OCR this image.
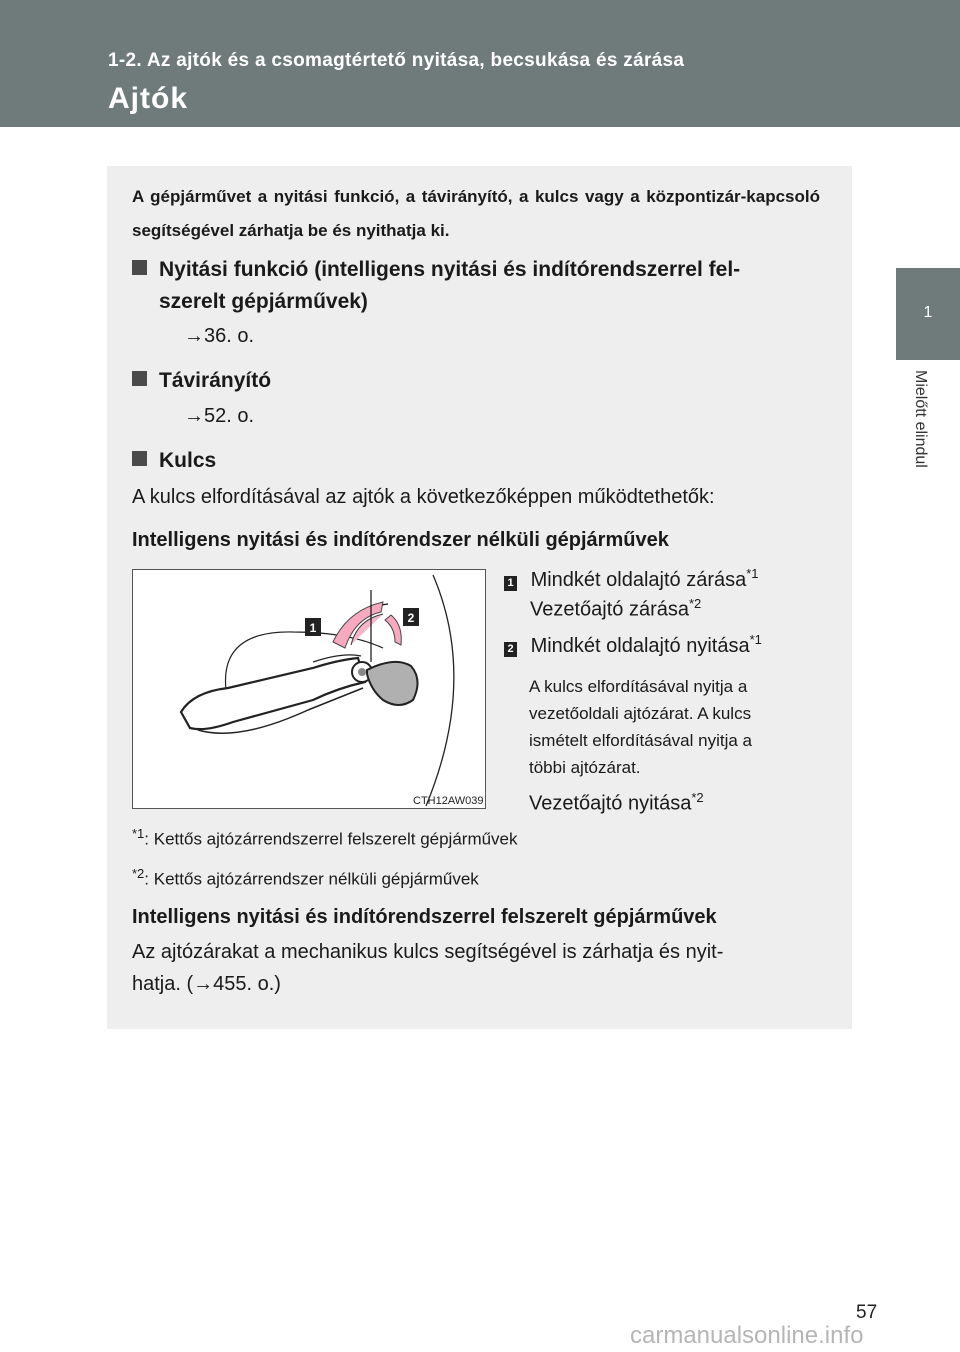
1-2. Az ajtók és a csomagtértető nyitása, becsukása és zárása
Ajtók
1
Mielőtt elindul
A gépjárművet a nyitási funkció, a távirányító, a kulcs vagy a központizár-kapcsoló segítségével zárhatja be és nyithatja ki.
Nyitási funkció (intelligens nyitási és indítórendszerrel fel-
szerelt gépjárművek)
→36. o.
Távirányító
→52. o.
Kulcs
A kulcs elfordításával az ajtók a következőképpen működtethetők:
Intelligens nyitási és indítórendszer nélküli gépjárművek
1
2
CTH12AW039
1 Mindkét oldalajtó zárása$^{*1}$
Vezetőajtó zárása$^{*2}$
2 Mindkét oldalajtó nyitása$^{*1}$
A kulcs elfordításával nyitja a
vezetőoldali ajtózárat. A kulcs
ismételt elfordításával nyitja a
többi ajtózárat.
Vezetőajtó nyitása$^{*2}$
$^{*1}$: Kettős ajtózárrendszerrel felszerelt gépjárművek
$^{*2}$: Kettős ajtózárrendszer nélküli gépjárművek
Intelligens nyitási és indítórendszerrel felszerelt gépjárművek
Az ajtózárakat a mechanikus kulcs segítségével is zárhatja és nyit-
hatja. (→455. o.)
57
carmanualsonline.info
